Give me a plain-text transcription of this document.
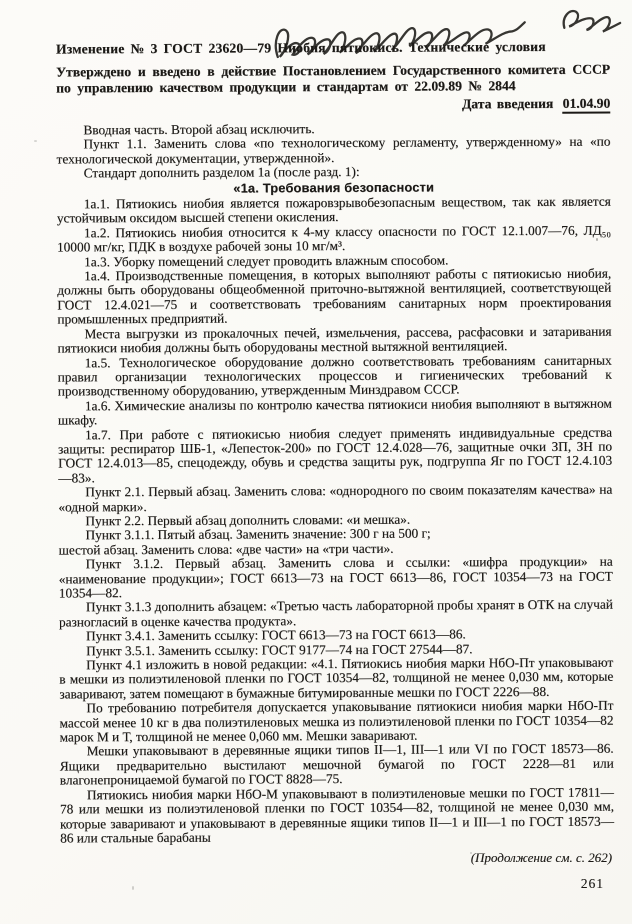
Изменение № 3 ГОСТ 23620—79 Ниобия пятиокись. Технические условия
Утверждено и введено в действие Постановлением Государственного комитета СССР по управлению качеством продукции и стандартам от 22.09.89 № 2844
Дата введения 01.04.90

Вводная часть. Второй абзац исключить.

Пункт 1.1. Заменить слова «по технологическому регламенту, утвержденному» на «по технологической документации, утвержденной».

Стандарт дополнить разделом 1а (после разд. 1):

«1а. Требования безопасности

1а.1. Пятиокись ниобия является пожаровзрывобезопасным веществом, так как является устойчивым оксидом высшей степени окисления.

1а.2. Пятиокись ниобия относится к 4-му классу опасности по ГОСТ 12.1.007—76, ЛД₅₀ 10000 мг/кг, ПДК в воздухе рабочей зоны 10 мг/м³.

1а.3. Уборку помещений следует проводить влажным способом.

1а.4. Производственные помещения, в которых выполняют работы с пятиокисью ниобия, должны быть оборудованы общеобменной приточно-вытяжной вентиляцией, соответствующей ГОСТ 12.4.021—75 и соответствовать требованиям санитарных норм проектирования промышленных предприятий.

Места выгрузки из прокалочных печей, измельчения, рассева, расфасовки и затаривания пятиокиси ниобия должны быть оборудованы местной вытяжной вентиляцией.

1а.5. Технологическое оборудование должно соответствовать требованиям санитарных правил организации технологических процессов и гигиенических требований к производственному оборудованию, утвержденным Минздравом СССР.

1а.6. Химические анализы по контролю качества пятиокиси ниобия выполняют в вытяжном шкафу.

1а.7. При работе с пятиокисью ниобия следует применять индивидуальные средства защиты: респиратор ШБ-1, «Лепесток-200» по ГОСТ 12.4.028—76, защитные очки ЗП, ЗН по ГОСТ 12.4.013—85, спецодежду, обувь и средства защиты рук, подгруппа Яг по ГОСТ 12.4.103—83».

Пункт 2.1. Первый абзац. Заменить слова: «однородного по своим показателям качества» на «одной марки».

Пункт 2.2. Первый абзац дополнить словами: «и мешка».

Пункт 3.1.1. Пятый абзац. Заменить значение: 300 г на 500 г;

шестой абзац. Заменить слова: «две части» на «три части».

Пункт 3.1.2. Первый абзац. Заменить слова и ссылки: «шифра продукции» на «наименование продукции»; ГОСТ 6613—73 на ГОСТ 6613—86, ГОСТ 10354—73 на ГОСТ 10354—82.

Пункт 3.1.3 дополнить абзацем: «Третью часть лабораторной пробы хранят в ОТК на случай разногласий в оценке качества продукта».

Пункт 3.4.1. Заменить ссылку: ГОСТ 6613—73 на ГОСТ 6613—86.

Пункт 3.5.1. Заменить ссылку: ГОСТ 9177—74 на ГОСТ 27544—87.

Пункт 4.1 изложить в новой редакции: «4.1. Пятиокись ниобия марки НбО-Пт упаковывают в мешки из полиэтиленовой пленки по ГОСТ 10354—82, толщиной не менее 0,030 мм, которые заваривают, затем помещают в бумажные битумированные мешки по ГОСТ 2226—88.

По требованию потребителя допускается упаковывание пятиокиси ниобия марки НбО-Пт массой менее 10 кг в два полиэтиленовых мешка из полиэтиленовой пленки по ГОСТ 10354—82 марок М и Т, толщиной не менее 0,060 мм. Мешки заваривают.

Мешки упаковывают в деревянные ящики типов II—1, III—1 или VI по ГОСТ 18573—86. Ящики предварительно выстилают мешочной бумагой по ГОСТ 2228—81 или влагонепроницаемой бумагой по ГОСТ 8828—75.

Пятиокись ниобия марки НбО-М упаковывают в полиэтиленовые мешки по ГОСТ 17811—78 или мешки из полиэтиленовой пленки по ГОСТ 10354—82, толщиной не менее 0,030 мм, которые заваривают и упаковывают в деревянные ящики типов II—1 и III—1 по ГОСТ 18573—86 или стальные барабаны

(Продолжение см. с. 262)
261
